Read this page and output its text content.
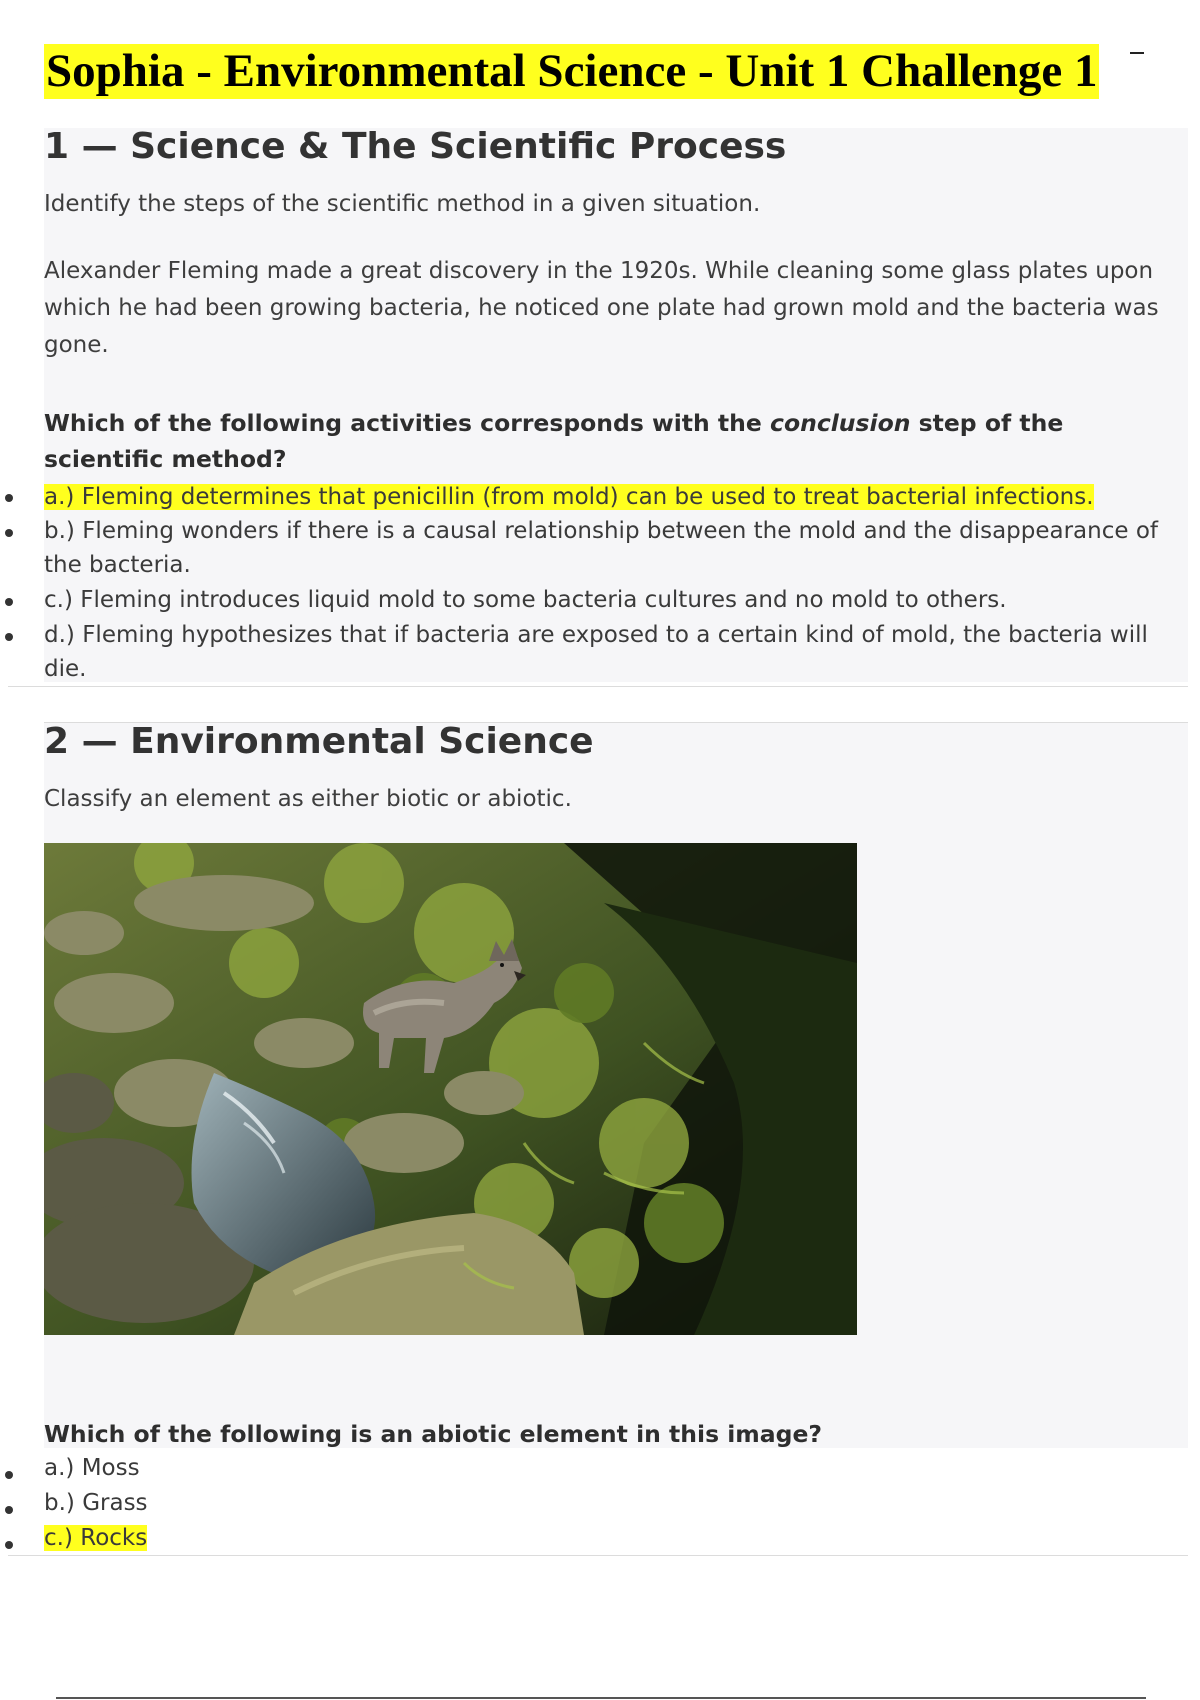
Sophia - Environmental Science - Unit 1 Challenge 1
1 — Science & The Scientific Process
Identify the steps of the scientific method in a given situation.
Alexander Fleming made a great discovery in the 1920s. While cleaning some glass plates upon which he had been growing bacteria, he noticed one plate had grown mold and the bacteria was gone.
Which of the following activities corresponds with the conclusion step of the scientific method?
a.) Fleming determines that penicillin (from mold) can be used to treat bacterial infections.
b.) Fleming wonders if there is a causal relationship between the mold and the disappearance of the bacteria.
c.) Fleming introduces liquid mold to some bacteria cultures and no mold to others.
d.) Fleming hypothesizes that if bacteria are exposed to a certain kind of mold, the bacteria will die.
2 — Environmental Science
Classify an element as either biotic or abiotic.
Which of the following is an abiotic element in this image?
a.) Moss
b.) Grass
c.) Rocks
